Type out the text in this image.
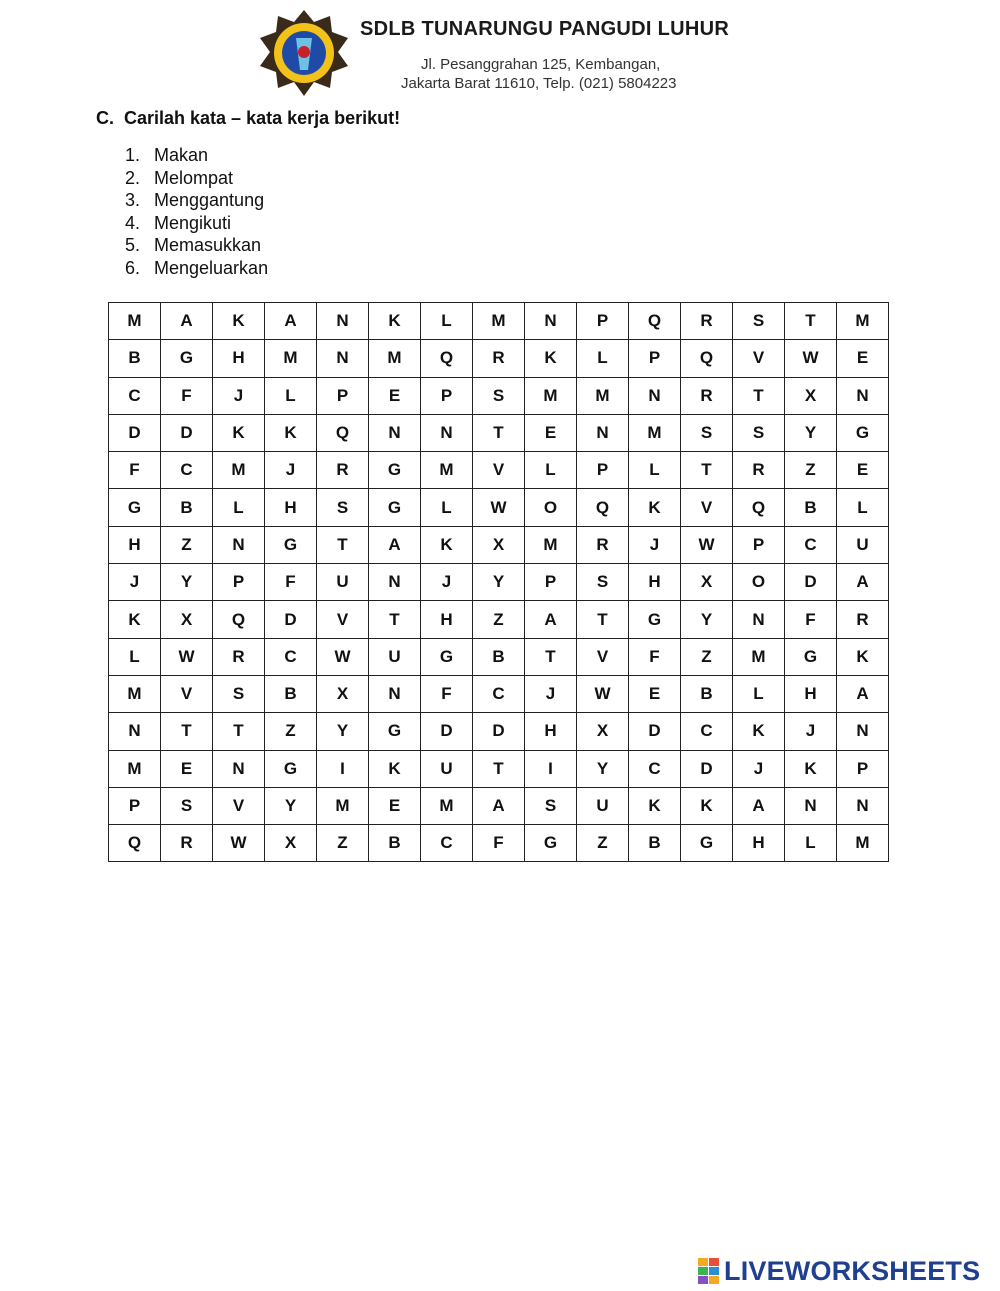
SDLB TUNARUNGU PANGUDI LUHUR
Jl. Pesanggrahan 125, Kembangan,
Jakarta Barat 11610, Telp. (021) 5804223
C. Carilah kata – kata kerja berikut!
1. Makan
2. Melompat
3. Menggantung
4. Mengikuti
5. Memasukkan
6. Mengeluarkan
M	A	K	A	N	K	L	M	N	P	Q	R	S	T	M
B	G	H	M	N	M	Q	R	K	L	P	Q	V	W	E
C	F	J	L	P	E	P	S	M	M	N	R	T	X	N
D	D	K	K	Q	N	N	T	E	N	M	S	S	Y	G
F	C	M	J	R	G	M	V	L	P	L	T	R	Z	E
G	B	L	H	S	G	L	W	O	Q	K	V	Q	B	L
H	Z	N	G	T	A	K	X	M	R	J	W	P	C	U
J	Y	P	F	U	N	J	Y	P	S	H	X	O	D	A
K	X	Q	D	V	T	H	Z	A	T	G	Y	N	F	R
L	W	R	C	W	U	G	B	T	V	F	Z	M	G	K
M	V	S	B	X	N	F	C	J	W	E	B	L	H	A
N	T	T	Z	Y	G	D	D	H	X	D	C	K	J	N
M	E	N	G	I	K	U	T	I	Y	C	D	J	K	P
P	S	V	Y	M	E	M	A	S	U	K	K	A	N	N
Q	R	W	X	Z	B	C	F	G	Z	B	G	H	L	M
LIVEWORKSHEETS
